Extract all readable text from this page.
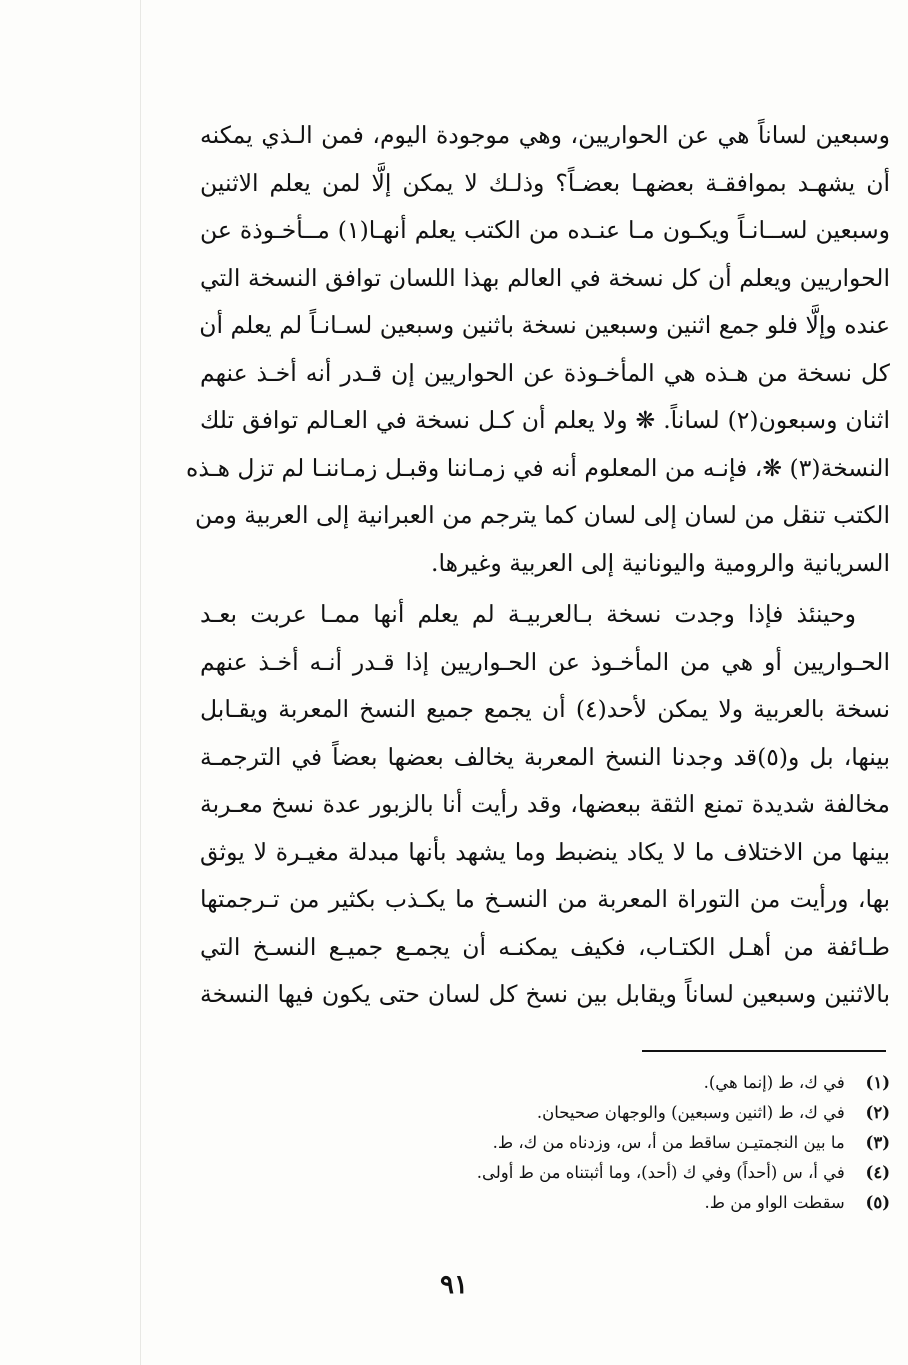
وسبعين لساناً هي عن الحواريين، وهي موجودة اليوم، فمن الـذي يمكنه
أن يشهـد بموافقـة بعضهـا بعضـاً؟ وذلـك لا يمكن إلَّا لمن يعلم الاثنين
وسبعين لســانـاً ويكـون مـا عنـده من الكتب يعلم أنهـا(١) مــأخـوذة عن
الحواريين ويعلم أن كل نسخة في العالم بهذا اللسان توافق النسخة التي
عنده وإلَّا فلو جمع اثنين وسبعين نسخة باثنين وسبعين لسـانـاً لم يعلم أن
كل نسخة من هـذه هي المأخـوذة عن الحواريين إن قـدر أنه أخـذ عنهم
اثنان وسبعون(٢) لساناً. ❋ ولا يعلم أن كـل نسخة في العـالم توافق تلك
النسخة(٣) ❋، فإنـه من المعلوم أنه في زمـاننا وقبـل زمـاننـا لم تزل هـذه
الكتب تنقل من لسان إلى لسان كما يترجم من العبرانية إلى العربية ومن
السريانية والرومية واليونانية إلى العربية وغيرها.
وحينئذ فإذا وجدت نسخة بـالعربيـة لم يعلم أنها ممـا عربت بعـد
الحـواريين أو هي من المأخـوذ عن الحـواريين إذا قـدر أنـه أخـذ عنهم
نسخة بالعربية ولا يمكن لأحد(٤) أن يجمع جميع النسخ المعربة ويقـابل
بينها، بل و(٥)قد وجدنا النسخ المعربة يخالف بعضها بعضاً في الترجمـة
مخالفة شديدة تمنع الثقة ببعضها، وقد رأيت أنا بالزبور عدة نسخ معـربة
بينها من الاختلاف ما لا يكاد ينضبط وما يشهد بأنها مبدلة مغيـرة لا يوثق
بها، ورأيت من التوراة المعربة من النسـخ ما يكـذب بكثير من تـرجمتها
طـائفة من أهـل الكتـاب، فكيف يمكنـه أن يجمـع جميـع النسـخ التي
بالاثنين وسبعين لساناً ويقابل بين نسخ كل لسان حتى يكون فيها النسخة
(١) في ك، ط (إنما هي).
(٢) في ك، ط (اثنين وسبعين) والوجهان صحيحان.
(٣) ما بين النجمتيـن ساقط من أ، س، وزدناه من ك، ط.
(٤) في أ، س (أحداً) وفي ك (أحد)، وما أثبتناه من ط أولى.
(٥) سقطت الواو من ط.
٩١
